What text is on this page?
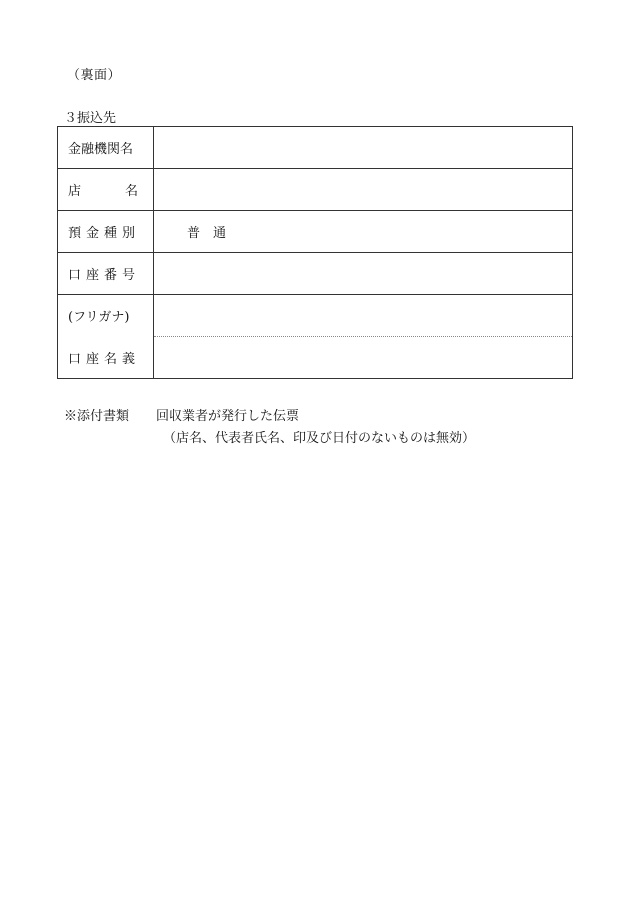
（裏面）
３振込先
金融機関名	
店　　名	
預金種別	普　通
口座番号	
(フリガナ)	
口座名義	
※添付書類 回収業者が発行した伝票
（店名、代表者氏名、印及び日付のないものは無効）
